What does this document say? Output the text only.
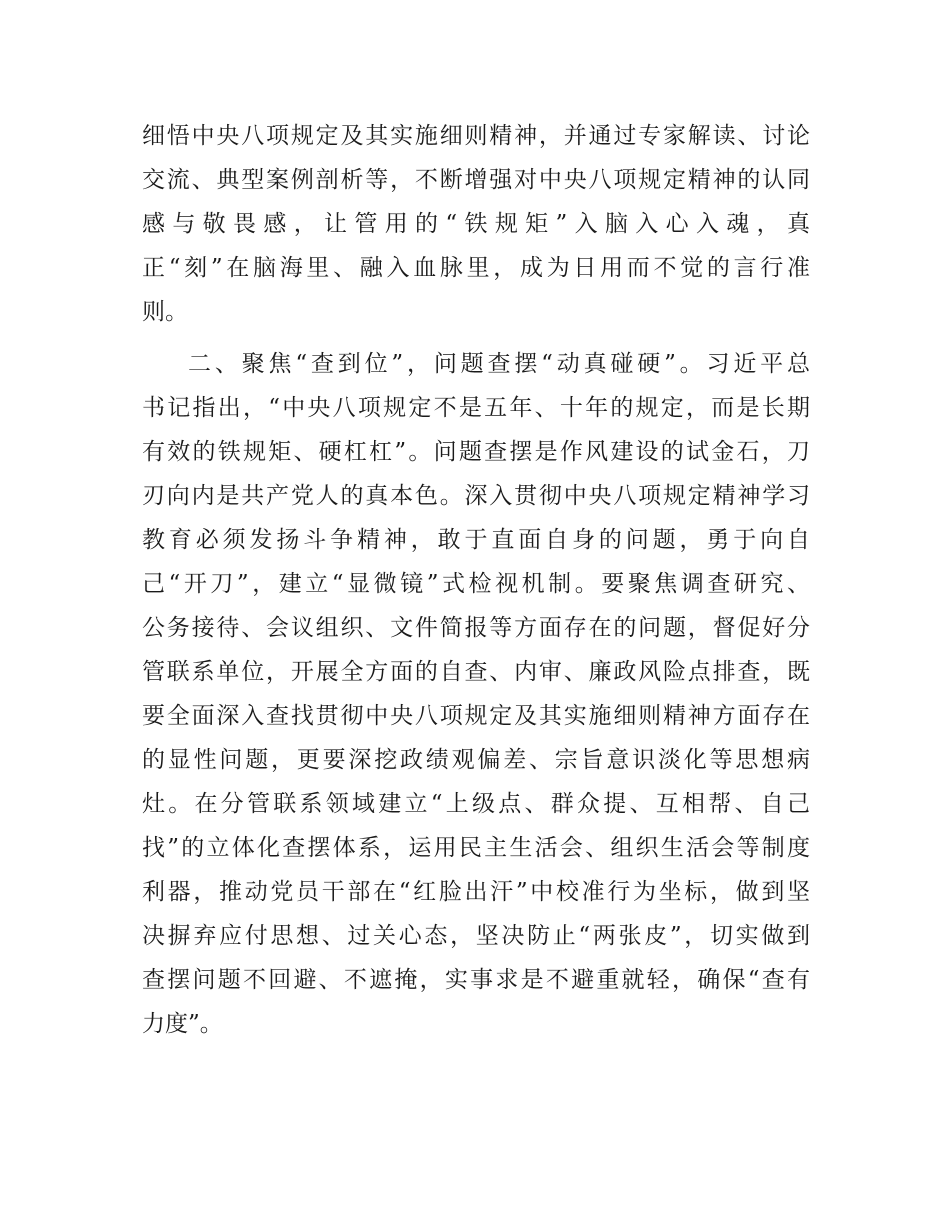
细悟中央八项规定及其实施细则精神，并通过专家解读、讨论
交流、典型案例剖析等，不断增强对中央八项规定精神的认同
感与敬畏感，让管用的“铁规矩”入脑入心入魂，真
正“刻”在脑海里、融入血脉里，成为日用而不觉的言行准
则。
二、聚焦“查到位”，问题查摆“动真碰硬”。习近平总
书记指出，“中央八项规定不是五年、十年的规定，而是长期
有效的铁规矩、硬杠杠”。问题查摆是作风建设的试金石，刀
刃向内是共产党人的真本色。深入贯彻中央八项规定精神学习
教育必须发扬斗争精神，敢于直面自身的问题，勇于向自
己“开刀”，建立“显微镜”式检视机制。要聚焦调查研究、
公务接待、会议组织、文件简报等方面存在的问题，督促好分
管联系单位，开展全方面的自查、内审、廉政风险点排查，既
要全面深入查找贯彻中央八项规定及其实施细则精神方面存在
的显性问题，更要深挖政绩观偏差、宗旨意识淡化等思想病
灶。在分管联系领域建立“上级点、群众提、互相帮、自己
找”的立体化查摆体系，运用民主生活会、组织生活会等制度
利器，推动党员干部在“红脸出汗”中校准行为坐标，做到坚
决摒弃应付思想、过关心态，坚决防止“两张皮”，切实做到
查摆问题不回避、不遮掩，实事求是不避重就轻，确保“查有
力度”。
